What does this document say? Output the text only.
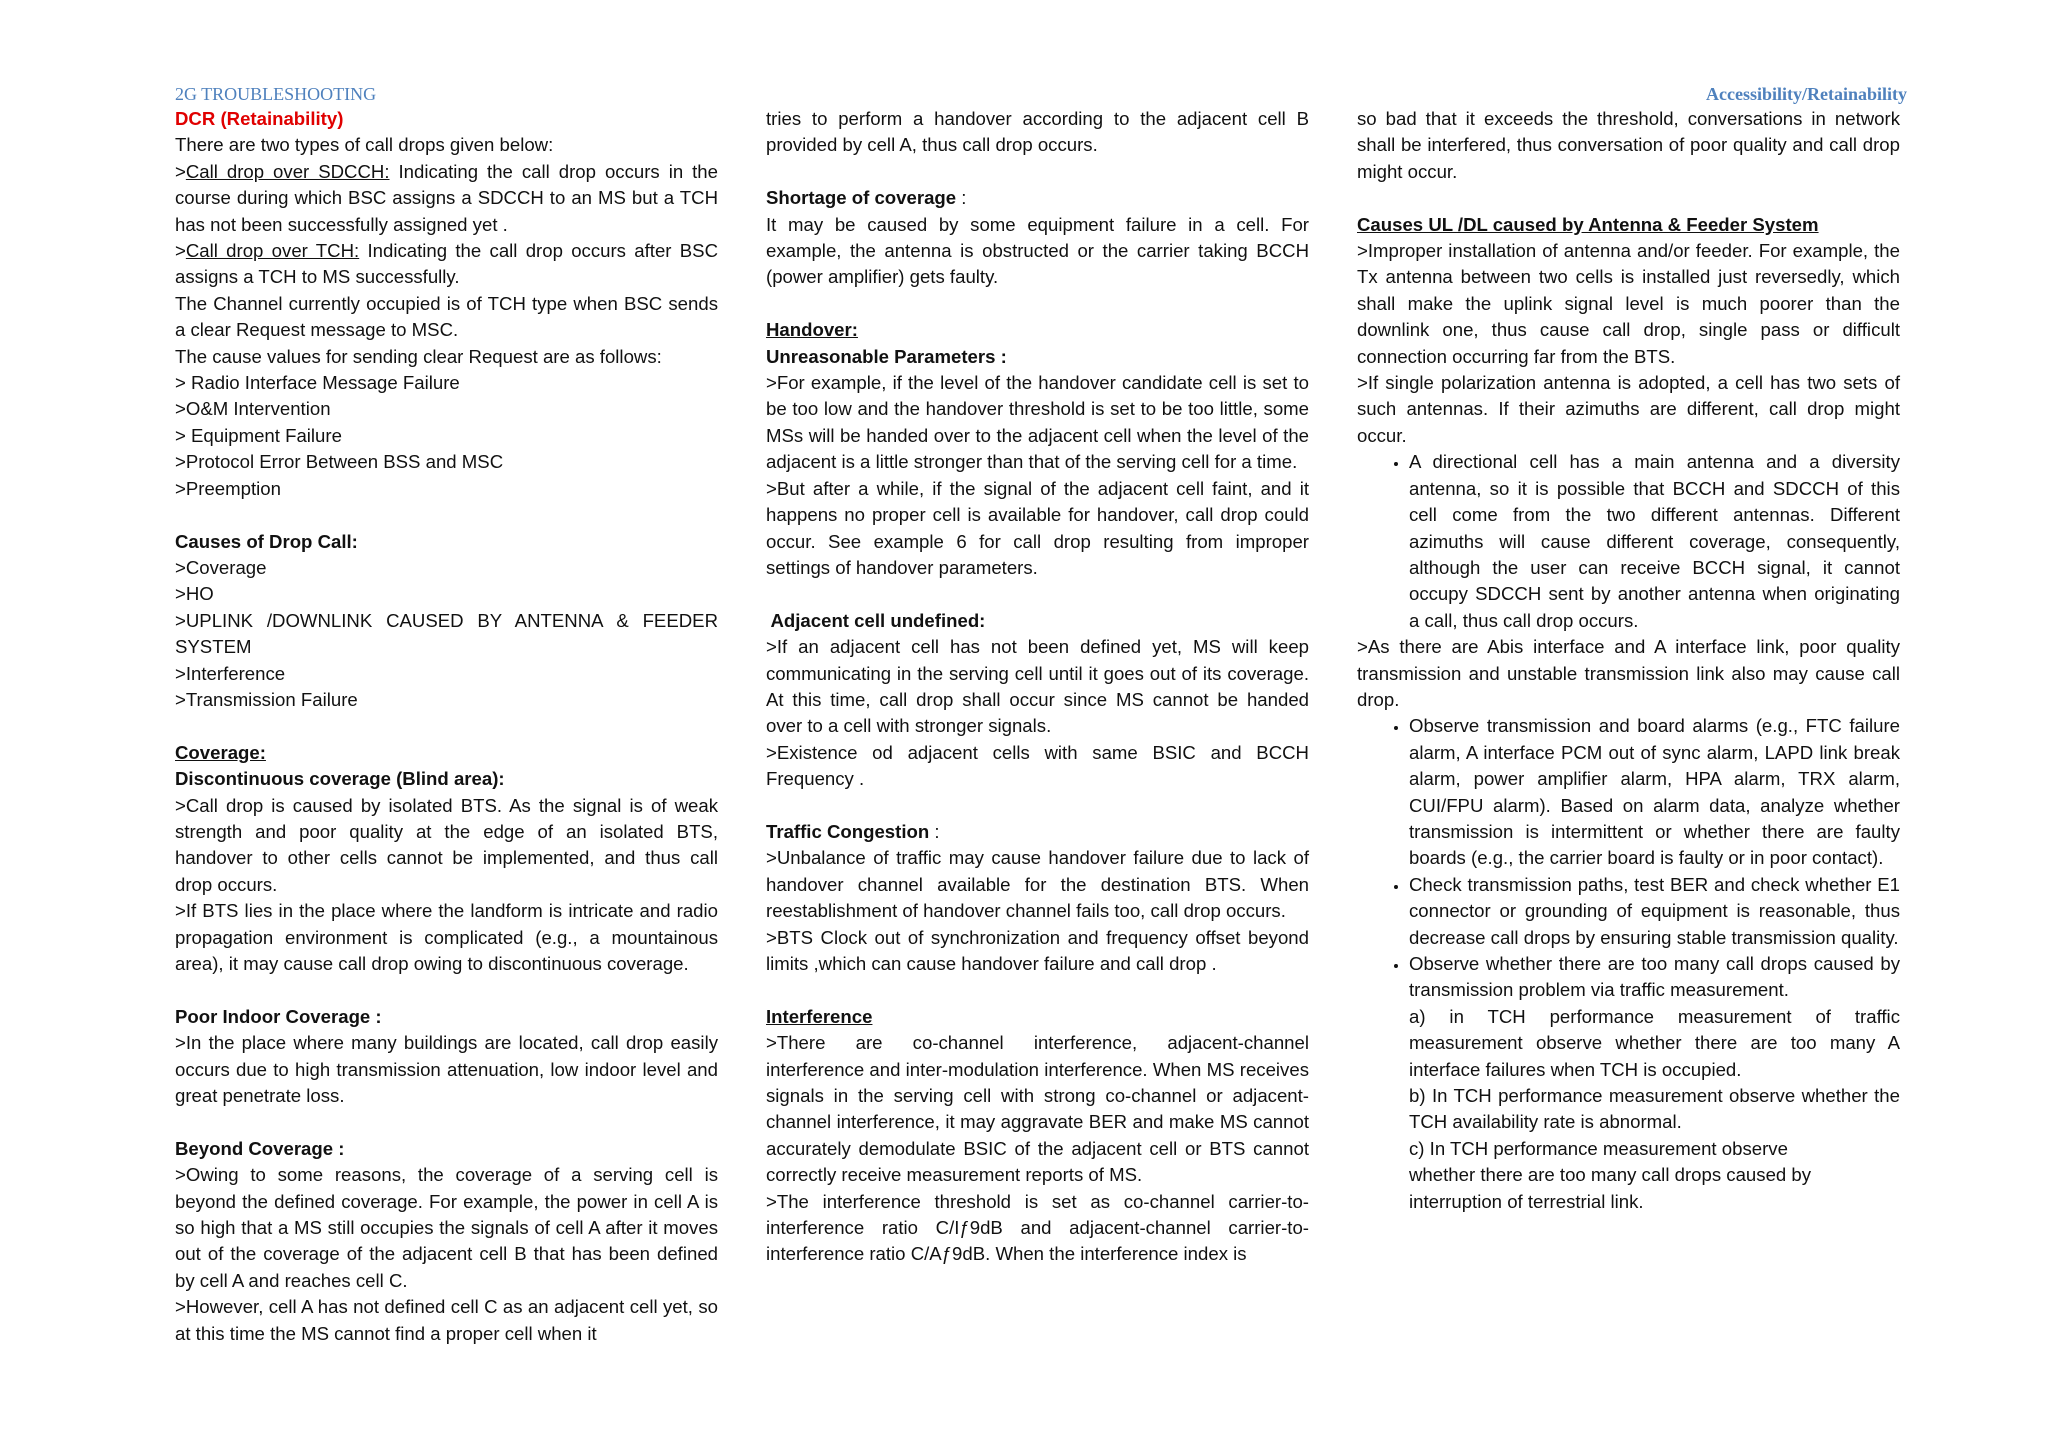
2G TROUBLESHOOTING	Accessibility/Retainability

DCR (Retainability)

There are two types of call drops given below:

>Call drop over SDCCH: Indicating the call drop occurs in the course during which BSC assigns a SDCCH to an MS but a TCH has not been successfully assigned yet .

>Call drop over TCH: Indicating the call drop occurs after BSC assigns a TCH to MS successfully.

The Channel currently occupied is of TCH type when BSC sends a clear Request message to MSC.

The cause values for sending clear Request are as follows:

> Radio Interface Message Failure

>O&M Intervention

> Equipment Failure

>Protocol Error Between BSS and MSC

>Preemption

Causes of Drop Call:

>Coverage

>HO

>UPLINK /DOWNLINK CAUSED BY ANTENNA & FEEDER SYSTEM

>Interference

>Transmission Failure

Coverage:

Discontinuous coverage (Blind area):

>Call drop is caused by isolated BTS. As the signal is of weak strength and poor quality at the edge of an isolated BTS, handover to other cells cannot be implemented, and thus call drop occurs.

>If BTS lies in the place where the landform is intricate and radio propagation environment is complicated (e.g., a mountainous area), it may cause call drop owing to discontinuous coverage.

Poor Indoor Coverage :

>In the place where many buildings are located, call drop easily occurs due to high transmission attenuation, low indoor level and great penetrate loss.

Beyond Coverage :

>Owing to some reasons, the coverage of a serving cell is beyond the defined coverage. For example, the power in cell A is so high that a MS still occupies the signals of cell A after it moves out of the coverage of the adjacent cell B that has been defined by cell A and reaches cell C.

>However, cell A has not defined cell C as an adjacent cell yet, so at this time the MS cannot find a proper cell when it

tries to perform a handover according to the adjacent cell B provided by cell A, thus call drop occurs.

Shortage of coverage :

It may be caused by some equipment failure in a cell. For example, the antenna is obstructed or the carrier taking BCCH (power amplifier) gets faulty.

Handover:

Unreasonable Parameters :

>For example, if the level of the handover candidate cell is set to be too low and the handover threshold is set to be too little, some MSs will be handed over to the adjacent cell when the level of the adjacent is a little stronger than that of the serving cell for a time.

>But after a while, if the signal of the adjacent cell faint, and it happens no proper cell is available for handover, call drop could occur. See example 6 for call drop resulting from improper settings of handover parameters.

Adjacent cell undefined:

>If an adjacent cell has not been defined yet, MS will keep communicating in the serving cell until it goes out of its coverage. At this time, call drop shall occur since MS cannot be handed over to a cell with stronger signals.

>Existence od adjacent cells with same BSIC and BCCH Frequency .

Traffic Congestion :

>Unbalance of traffic may cause handover failure due to lack of handover channel available for the destination BTS. When reestablishment of handover channel fails too, call drop occurs.

>BTS Clock out of synchronization and frequency offset beyond limits ,which can cause handover failure and call drop .

Interference

>There are co-channel interference, adjacent-channel interference and inter-modulation interference. When MS receives signals in the serving cell with strong co-channel or adjacent-channel interference, it may aggravate BER and make MS cannot accurately demodulate BSIC of the adjacent cell or BTS cannot correctly receive measurement reports of MS.

>The interference threshold is set as co-channel carrier-to-interference ratio C/Iƒ9dB and adjacent-channel carrier-to-interference ratio C/Aƒ9dB. When the interference index is

so bad that it exceeds the threshold, conversations in network shall be interfered, thus conversation of poor quality and call drop might occur.

Causes UL /DL caused by Antenna & Feeder System

>Improper installation of antenna and/or feeder. For example, the Tx antenna between two cells is installed just reversedly, which shall make the uplink signal level is much poorer than the downlink one, thus cause call drop, single pass or difficult connection occurring far from the BTS.

>If single polarization antenna is adopted, a cell has two sets of such antennas. If their azimuths are different, call drop might occur.

• A directional cell has a main antenna and a diversity antenna, so it is possible that BCCH and SDCCH of this cell come from the two different antennas. Different azimuths will cause different coverage, consequently, although the user can receive BCCH signal, it cannot occupy SDCCH sent by another antenna when originating a call, thus call drop occurs.

>As there are Abis interface and A interface link, poor quality transmission and unstable transmission link also may cause call drop.

• Observe transmission and board alarms (e.g., FTC failure alarm, A interface PCM out of sync alarm, LAPD link break alarm, power amplifier alarm, HPA alarm, TRX alarm, CUI/FPU alarm). Based on alarm data, analyze whether transmission is intermittent or whether there are faulty boards (e.g., the carrier board is faulty or in poor contact).
• Check transmission paths, test BER and check whether E1 connector or grounding of equipment is reasonable, thus decrease call drops by ensuring stable transmission quality.
• Observe whether there are too many call drops caused by transmission problem via traffic measurement.

a) in TCH performance measurement of traffic measurement observe whether there are too many A interface failures when TCH is occupied.

b) In TCH performance measurement observe whether the TCH availability rate is abnormal.

c) In TCH performance measurement observe

whether there are too many call drops caused by interruption of terrestrial link.
